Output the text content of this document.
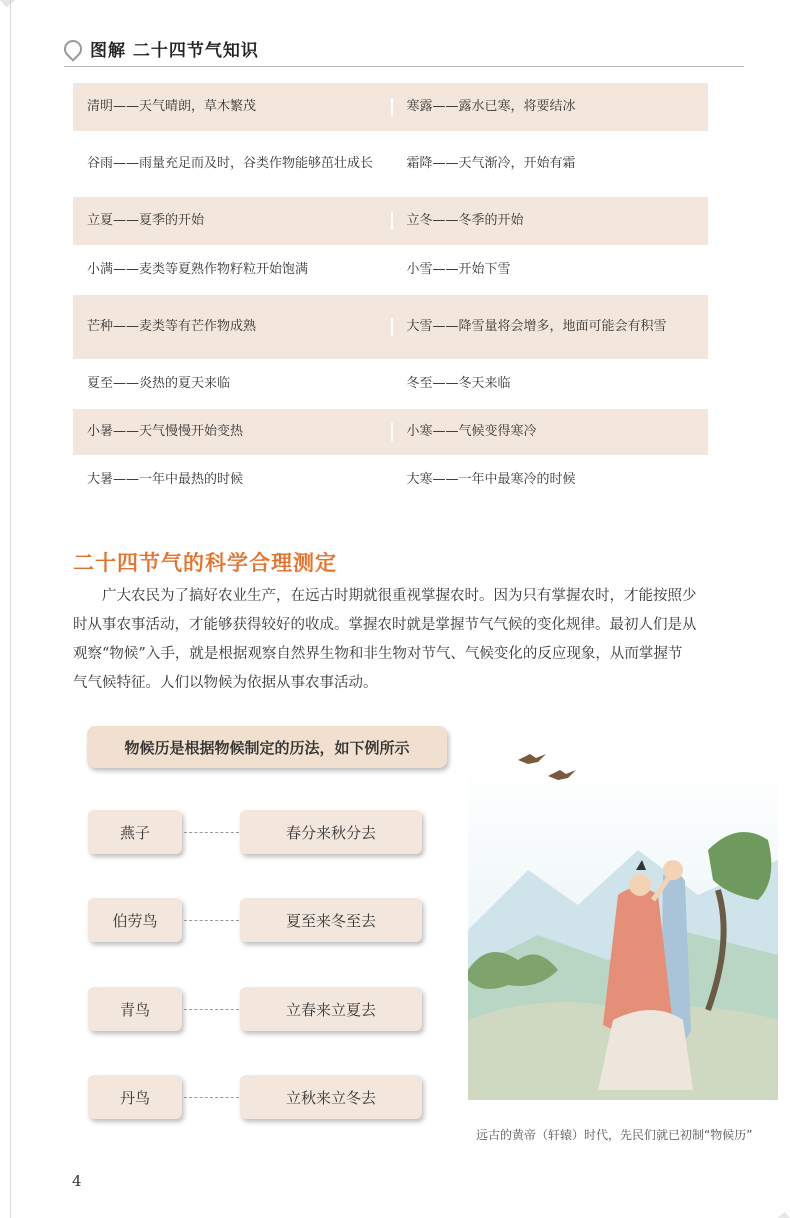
图解 二十四节气知识
清明——天气晴朗，草木繁茂	寒露——露水已寒，将要结冰
谷雨——雨量充足而及时，谷类作物能够茁壮成长	霜降——天气渐冷，开始有霜
立夏——夏季的开始	立冬——冬季的开始
小满——麦类等夏熟作物籽粒开始饱满	小雪——开始下雪
芒种——麦类等有芒作物成熟	大雪——降雪量将会增多，地面可能会有积雪
夏至——炎热的夏天来临	冬至——冬天来临
小暑——天气慢慢开始变热	小寒——气候变得寒冷
大暑——一年中最热的时候	大寒——一年中最寒冷的时候
二十四节气的科学合理测定
广大农民为了搞好农业生产，在远古时期就很重视掌握农时。因为只有掌握农时，才能按照少
时从事农事活动，才能够获得较好的收成。掌握农时就是掌握节气气候的变化规律。最初人们是从
观察“物候”入手，就是根据观察自然界生物和非生物对节气、气候变化的反应现象，从而掌握节
气气候特征。人们以物候为依据从事农事活动。
物候历是根据物候制定的历法，如下例所示
燕子	春分来秋分去
伯劳鸟	夏至来冬至去
青鸟	立春来立夏去
丹鸟	立秋来立冬去
远古的黄帝（轩辕）时代，先民们就已初制“物候历”
4
